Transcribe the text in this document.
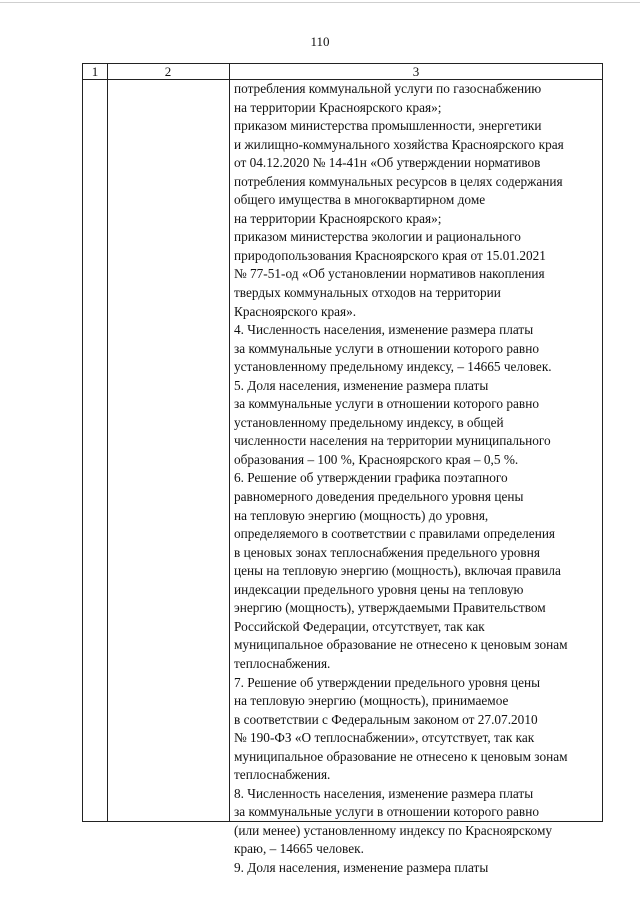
110
1	2	3
потребления коммунальной услуги по газоснабжению
на территории Красноярского края»;
приказом министерства промышленности, энергетики
и жилищно-коммунального хозяйства Красноярского края
от 04.12.2020 № 14-41н «Об утверждении нормативов
потребления коммунальных ресурсов в целях содержания
общего имущества в многоквартирном доме
на территории Красноярского края»;
приказом министерства экологии и рационального
природопользования Красноярского края от 15.01.2021
№ 77-51-од «Об установлении нормативов накопления
твердых коммунальных отходов на территории
Красноярского края».
4. Численность населения, изменение размера платы
за коммунальные услуги в отношении которого равно
установленному предельному индексу, – 14665 человек.
5. Доля населения, изменение размера платы
за коммунальные услуги в отношении которого равно
установленному предельному индексу, в общей
численности населения на территории муниципального
образования – 100 %, Красноярского края – 0,5 %.
6. Решение об утверждении графика поэтапного
равномерного доведения предельного уровня цены
на тепловую энергию (мощность) до уровня,
определяемого в соответствии с правилами определения
в ценовых зонах теплоснабжения предельного уровня
цены на тепловую энергию (мощность), включая правила
индексации предельного уровня цены на тепловую
энергию (мощность), утверждаемыми Правительством
Российской Федерации, отсутствует, так как
муниципальное образование не отнесено к ценовым зонам
теплоснабжения.
7. Решение об утверждении предельного уровня цены
на тепловую энергию (мощность), принимаемое
в соответствии с Федеральным законом от 27.07.2010
№ 190-ФЗ «О теплоснабжении», отсутствует, так как
муниципальное образование не отнесено к ценовым зонам
теплоснабжения.
8. Численность населения, изменение размера платы
за коммунальные услуги в отношении которого равно
(или менее) установленному индексу по Красноярскому
краю, – 14665 человек.
9. Доля населения, изменение размера платы
